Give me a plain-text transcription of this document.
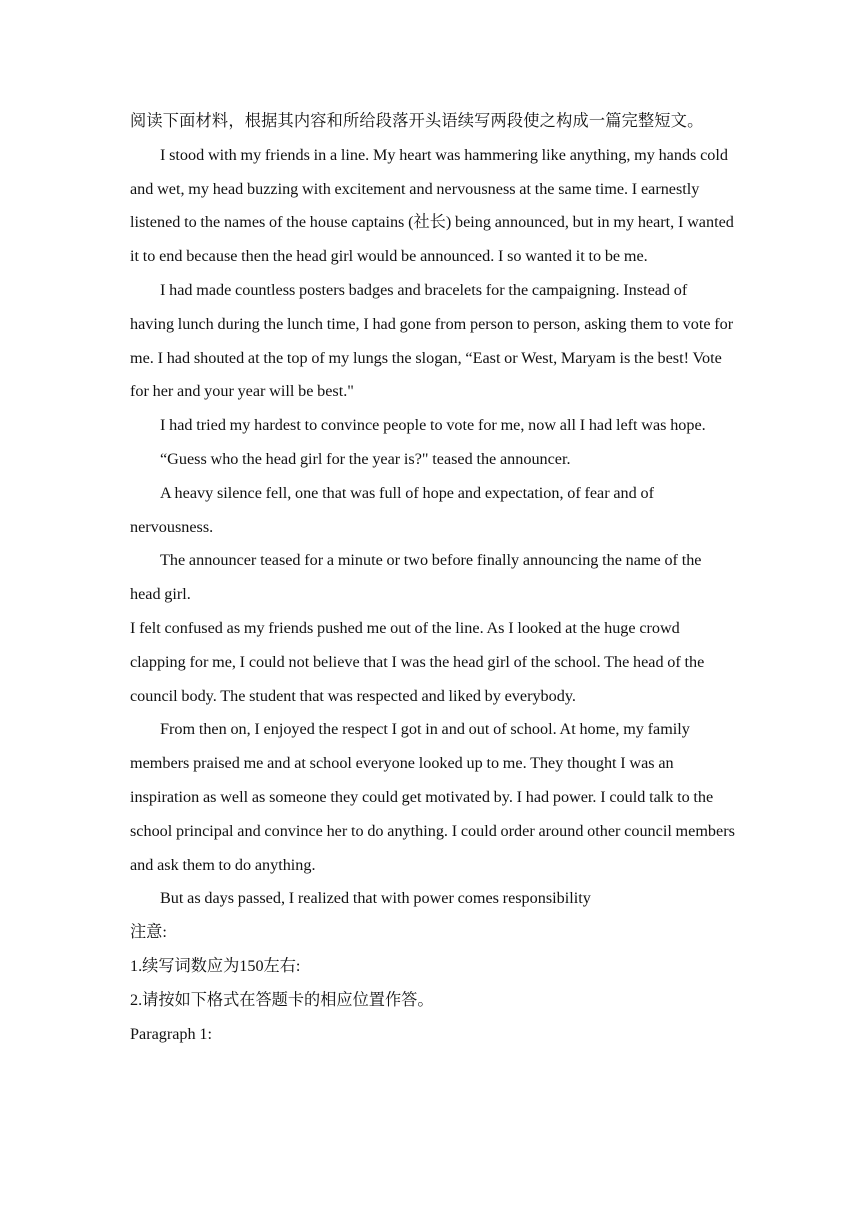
阅读下面材料，根据其内容和所给段落开头语续写两段使之构成一篇完整短文。

I stood with my friends in a line. My heart was hammering like anything, my hands cold and wet, my head buzzing with excitement and nervousness at the same time. I earnestly listened to the names of the house captains (社长) being announced, but in my heart, I wanted it to end because then the head girl would be announced. I so wanted it to be me.

I had made countless posters badges and bracelets for the campaigning. Instead of having lunch during the lunch time, I had gone from person to person, asking them to vote for me. I had shouted at the top of my lungs the slogan, “East or West, Maryam is the best! Vote for her and your year will be best."

I had tried my hardest to convince people to vote for me, now all I had left was hope.

“Guess who the head girl for the year is?" teased the announcer.

A heavy silence fell, one that was full of hope and expectation, of fear and of nervousness.

The announcer teased for a minute or two before finally announcing the name of the head girl.

I felt confused as my friends pushed me out of the line. As I looked at the huge crowd clapping for me, I could not believe that I was the head girl of the school. The head of the council body. The student that was respected and liked by everybody.

From then on, I enjoyed the respect I got in and out of school. At home, my family members praised me and at school everyone looked up to me. They thought I was an inspiration as well as someone they could get motivated by. I had power. I could talk to the school principal and convince her to do anything. I could order around other council members and ask them to do anything.

But as days passed, I realized that with power comes responsibility

注意:

1.续写词数应为150左右:

2.请按如下格式在答题卡的相应位置作答。

Paragraph 1:
